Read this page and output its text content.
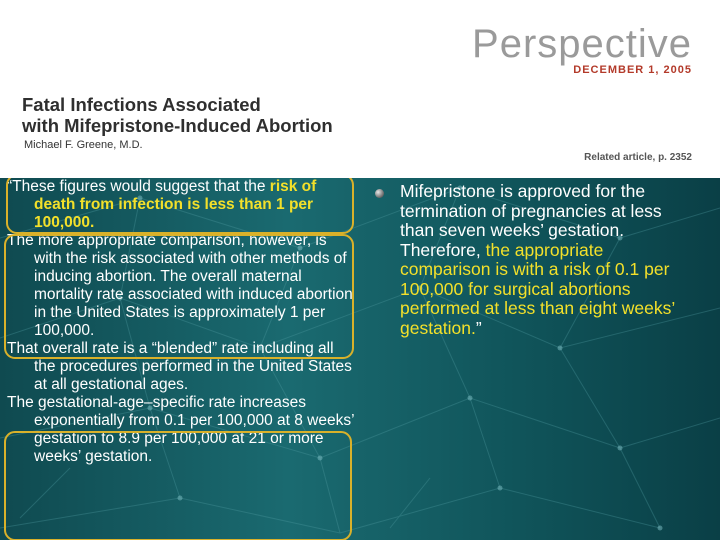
Perspective
DECEMBER 1, 2005
Fatal Infections Associated
with Mifepristone-Induced Abortion
Michael F. Greene, M.D.
Related article, p. 2352

“These figures would suggest that the risk of death from infection is less than 1 per 100,000.

The more appropriate comparison, however, is with the risk associated with other methods of inducing abortion. The overall maternal mortality rate associated with induced abortion in the United States is approximately 1 per 100,000.

That overall rate is a “blended” rate including all the procedures performed in the United States at all gestational ages.

The gestational-age–specific rate increases exponentially from 0.1 per 100,000 at 8 weeks’ gestation to 8.9 per 100,000 at 21 or more weeks’ gestation.

Mifepristone is approved for the termination of pregnancies at less than seven weeks’ gestation. Therefore, the appropriate comparison is with a risk of 0.1 per 100,000 for surgical abortions performed at less than eight weeks’ gestation.”
